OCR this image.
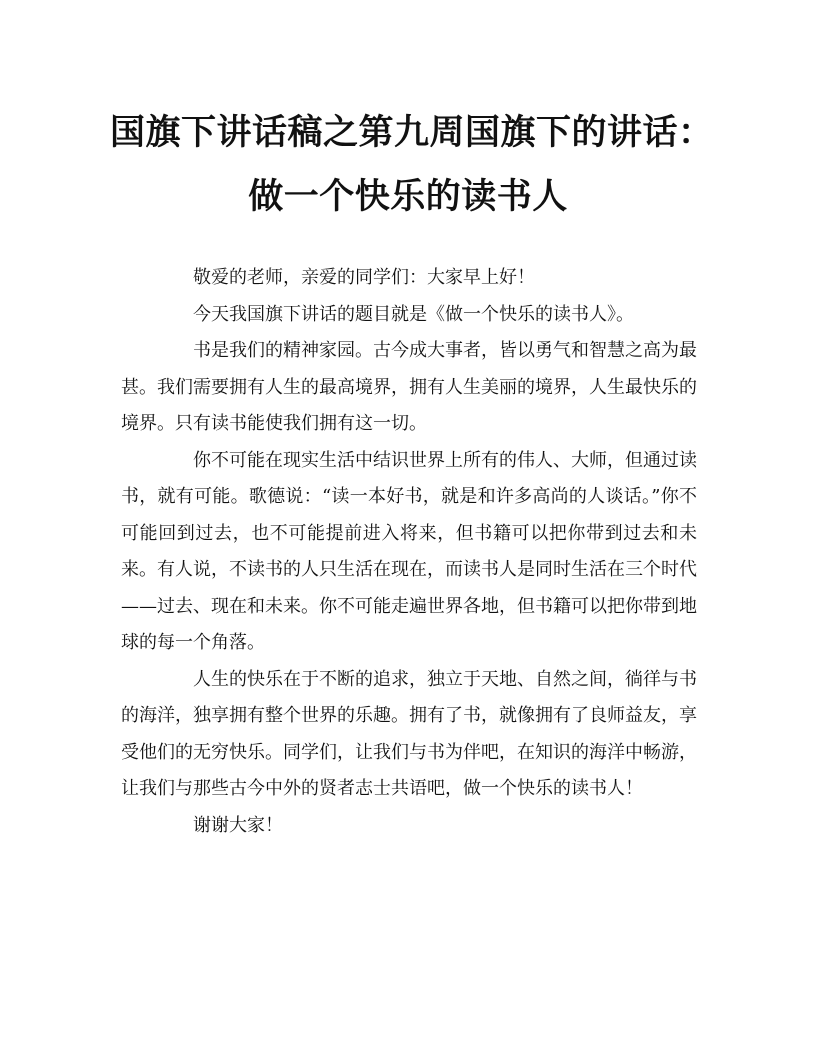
国旗下讲话稿之第九周国旗下的讲话：
做一个快乐的读书人

敬爱的老师，亲爱的同学们：大家早上好！

今天我国旗下讲话的题目就是《做一个快乐的读书人》。

书是我们的精神家园。古今成大事者，皆以勇气和智慧之高为最甚。我们需要拥有人生的最高境界，拥有人生美丽的境界，人生最快乐的境界。只有读书能使我们拥有这一切。

你不可能在现实生活中结识世界上所有的伟人、大师，但通过读书，就有可能。歌德说：“读一本好书，就是和许多高尚的人谈话。”你不可能回到过去，也不可能提前进入将来，但书籍可以把你带到过去和未来。有人说，不读书的人只生活在现在，而读书人是同时生活在三个时代——过去、现在和未来。你不可能走遍世界各地，但书籍可以把你带到地球的每一个角落。

人生的快乐在于不断的追求，独立于天地、自然之间，徜徉与书的海洋，独享拥有整个世界的乐趣。拥有了书，就像拥有了良师益友，享受他们的无穷快乐。同学们，让我们与书为伴吧，在知识的海洋中畅游，让我们与那些古今中外的贤者志士共语吧，做一个快乐的读书人！

谢谢大家！
